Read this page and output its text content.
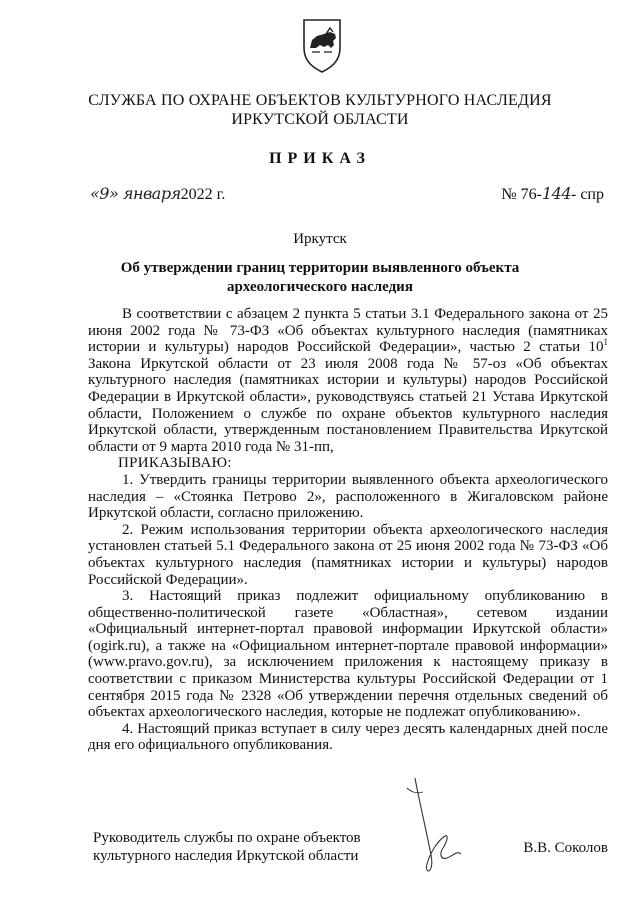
СЛУЖБА ПО ОХРАНЕ ОБЪЕКТОВ КУЛЬТУРНОГО НАСЛЕДИЯ
ИРКУТСКОЙ ОБЛАСТИ
ПРИКАЗ
«9» января2022 г.	№ 76-144- спр
Иркутск
Об утверждении границ территории выявленного объекта
археологического наследия

В соответствии с абзацем 2 пункта 5 статьи 3.1 Федерального закона от 25 июня 2002 года № 73-ФЗ «Об объектах культурного наследия (памятниках истории и культуры) народов Российской Федерации», частью 2 статьи $10^1$ Закона Иркутской области от 23 июля 2008 года № 57-оз «Об объектах культурного наследия (памятниках истории и культуры) народов Российской Федерации в Иркутской области», руководствуясь статьей 21 Устава Иркутской области, Положением о службе по охране объектов культурного наследия Иркутской области, утвержденным постановлением Правительства Иркутской области от 9 марта 2010 года № 31-пп,

ПРИКАЗЫВАЮ:

1. Утвердить границы территории выявленного объекта археологического наследия – «Стоянка Петрово 2», расположенного в Жигаловском районе Иркутской области, согласно приложению.

2. Режим использования территории объекта археологического наследия установлен статьей 5.1 Федерального закона от 25 июня 2002 года № 73-ФЗ «Об объектах культурного наследия (памятниках истории и культуры) народов Российской Федерации».

3. Настоящий приказ подлежит официальному опубликованию в общественно-политической газете «Областная», сетевом издании «Официальный интернет-портал правовой информации Иркутской области» (ogirk.ru), а также на «Официальном интернет-портале правовой информации» (www.pravo.gov.ru), за исключением приложения к настоящему приказу в соответствии с приказом Министерства культуры Российской Федерации от 1 сентября 2015 года № 2328 «Об утверждении перечня отдельных сведений об объектах археологического наследия, которые не подлежат опубликованию».

4. Настоящий приказ вступает в силу через десять календарных дней после дня его официального опубликования.

Руководитель службы по охране объектов
культурного наследия Иркутской области	В.В. Соколов
